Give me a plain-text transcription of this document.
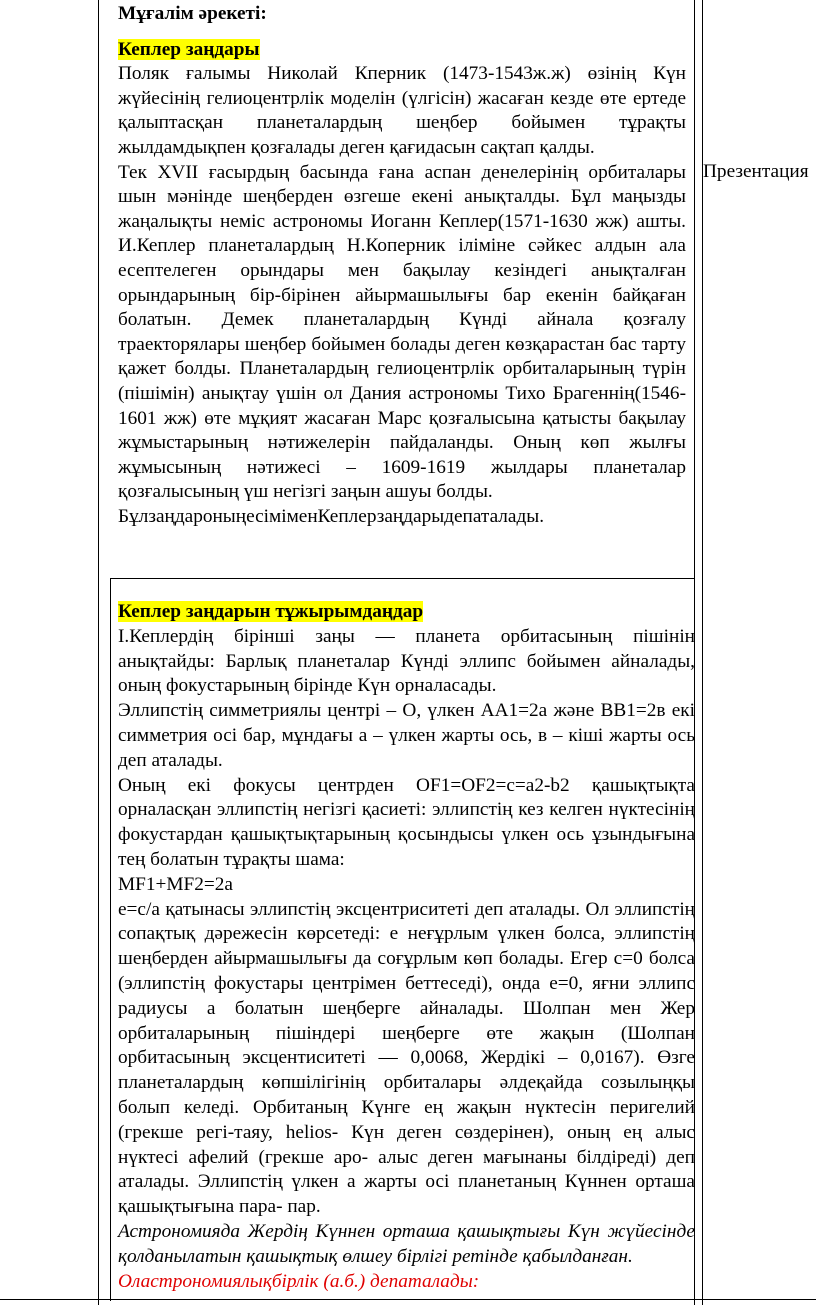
Мұғалім әрекеті:

Кеплер заңдары

Поляк ғалымы Николай Кперник (1473-1543ж.ж) өзінің Күн жүйесінің гелиоцентрлік моделін (үлгісін) жасаған кезде өте ертеде қалыптасқан планеталардың шеңбер бойымен тұрақты жылдамдықпен қозғалады деген қағидасын сақтап қалды.

Тек XVII ғасырдың басында ғана аспан денелерінің орбиталары шын мәнінде шеңберден өзгеше екені анықталды. Бұл маңызды жаңалықты неміс астрономы Иоганн Кеплер(1571-1630 жж) ашты. И.Кеплер планеталардың Н.Коперник іліміне сәйкес алдын ала есептелеген орындары мен бақылау кезіндегі анықталған орындарының бір-бірінен айырмашылығы бар екенін байқаған болатын. Демек планеталардың Күнді айнала қозғалу траекторялары шеңбер бойымен болады деген көзқарастан бас тарту қажет болды. Планеталардың гелиоцентрлік орбиталарының түрін (пішімін) анықтау үшін ол Дания астрономы Тихо Брагеннің(1546-1601 жж) өте мұқият жасаған Марс қозғалысына қатысты бақылау жұмыстарының нәтижелерін пайдаланды. Оның көп жылғы жұмысының нәтижесі – 1609-1619 жылдары планеталар қозғалысының үш негізгі заңын ашуы болды.

БұлзаңдароныңесіміменКеплерзаңдарыдепаталады.

Презентация

Кеплер заңдарын тұжырымдаңдар

I.Кеплердің бірінші заңы — планета орбитасының пішінін анықтайды: Барлық планеталар Күнді эллипс бойымен айналады, оның фокустарының бірінде Күн орналасады.

Эллипстің симметриялы центрі – О, үлкен АА1=2а және ВВ1=2в екі симметрия осі бар, мұндағы а – үлкен жарты ось, в – кіші жарты ось деп аталады.

Оның екі фокусы центрден OF1=OF2=c=a2-b2 қашықтықта орналасқан эллипстің негізгі қасиеті: эллипстің кез келген нүктесінің фокустардан қашықтықтарының қосындысы үлкен ось ұзындығына тең болатын тұрақты шама:

MF1+MF2=2a

e=c/a қатынасы эллипстің эксцентриситеті деп аталады. Ол эллипстің сопақтық дәрежесін көрсетеді: е неғұрлым үлкен болса, эллипстің шеңберден айырмашылығы да соғұрлым көп болады. Егер с=0 болса (эллипстің фокустары центрімен беттеседі), онда е=0, яғни эллипс радиусы а болатын шеңберге айналады. Шолпан мен Жер орбиталарының пішіндері шеңберге өте жақын (Шолпан орбитасының эксцентиситеті — 0,0068, Жердікі – 0,0167). Өзге планеталардың көпшілігінің орбиталары әлдеқайда созылыңқы болып келеді. Орбитаның Күнге ең жақын нүктесін перигелий (грекше peгi-таяу, helios- Күн деген сөздерінен), оның ең алыс нүктесі афелий (грекше аро- алыс деген мағынаны білдіреді) деп аталады. Эллипстің үлкен а жарты осі планетаның Күннен орташа қашықтығына пара- пар.

Астрономияда Жердің Күннен орташа қашықтығы Күн жүйесінде қолданылатын қашықтық өлшеу бірлігі ретінде қабылданған.

Оластрономиялықбірлік (а.б.) депаталады:
